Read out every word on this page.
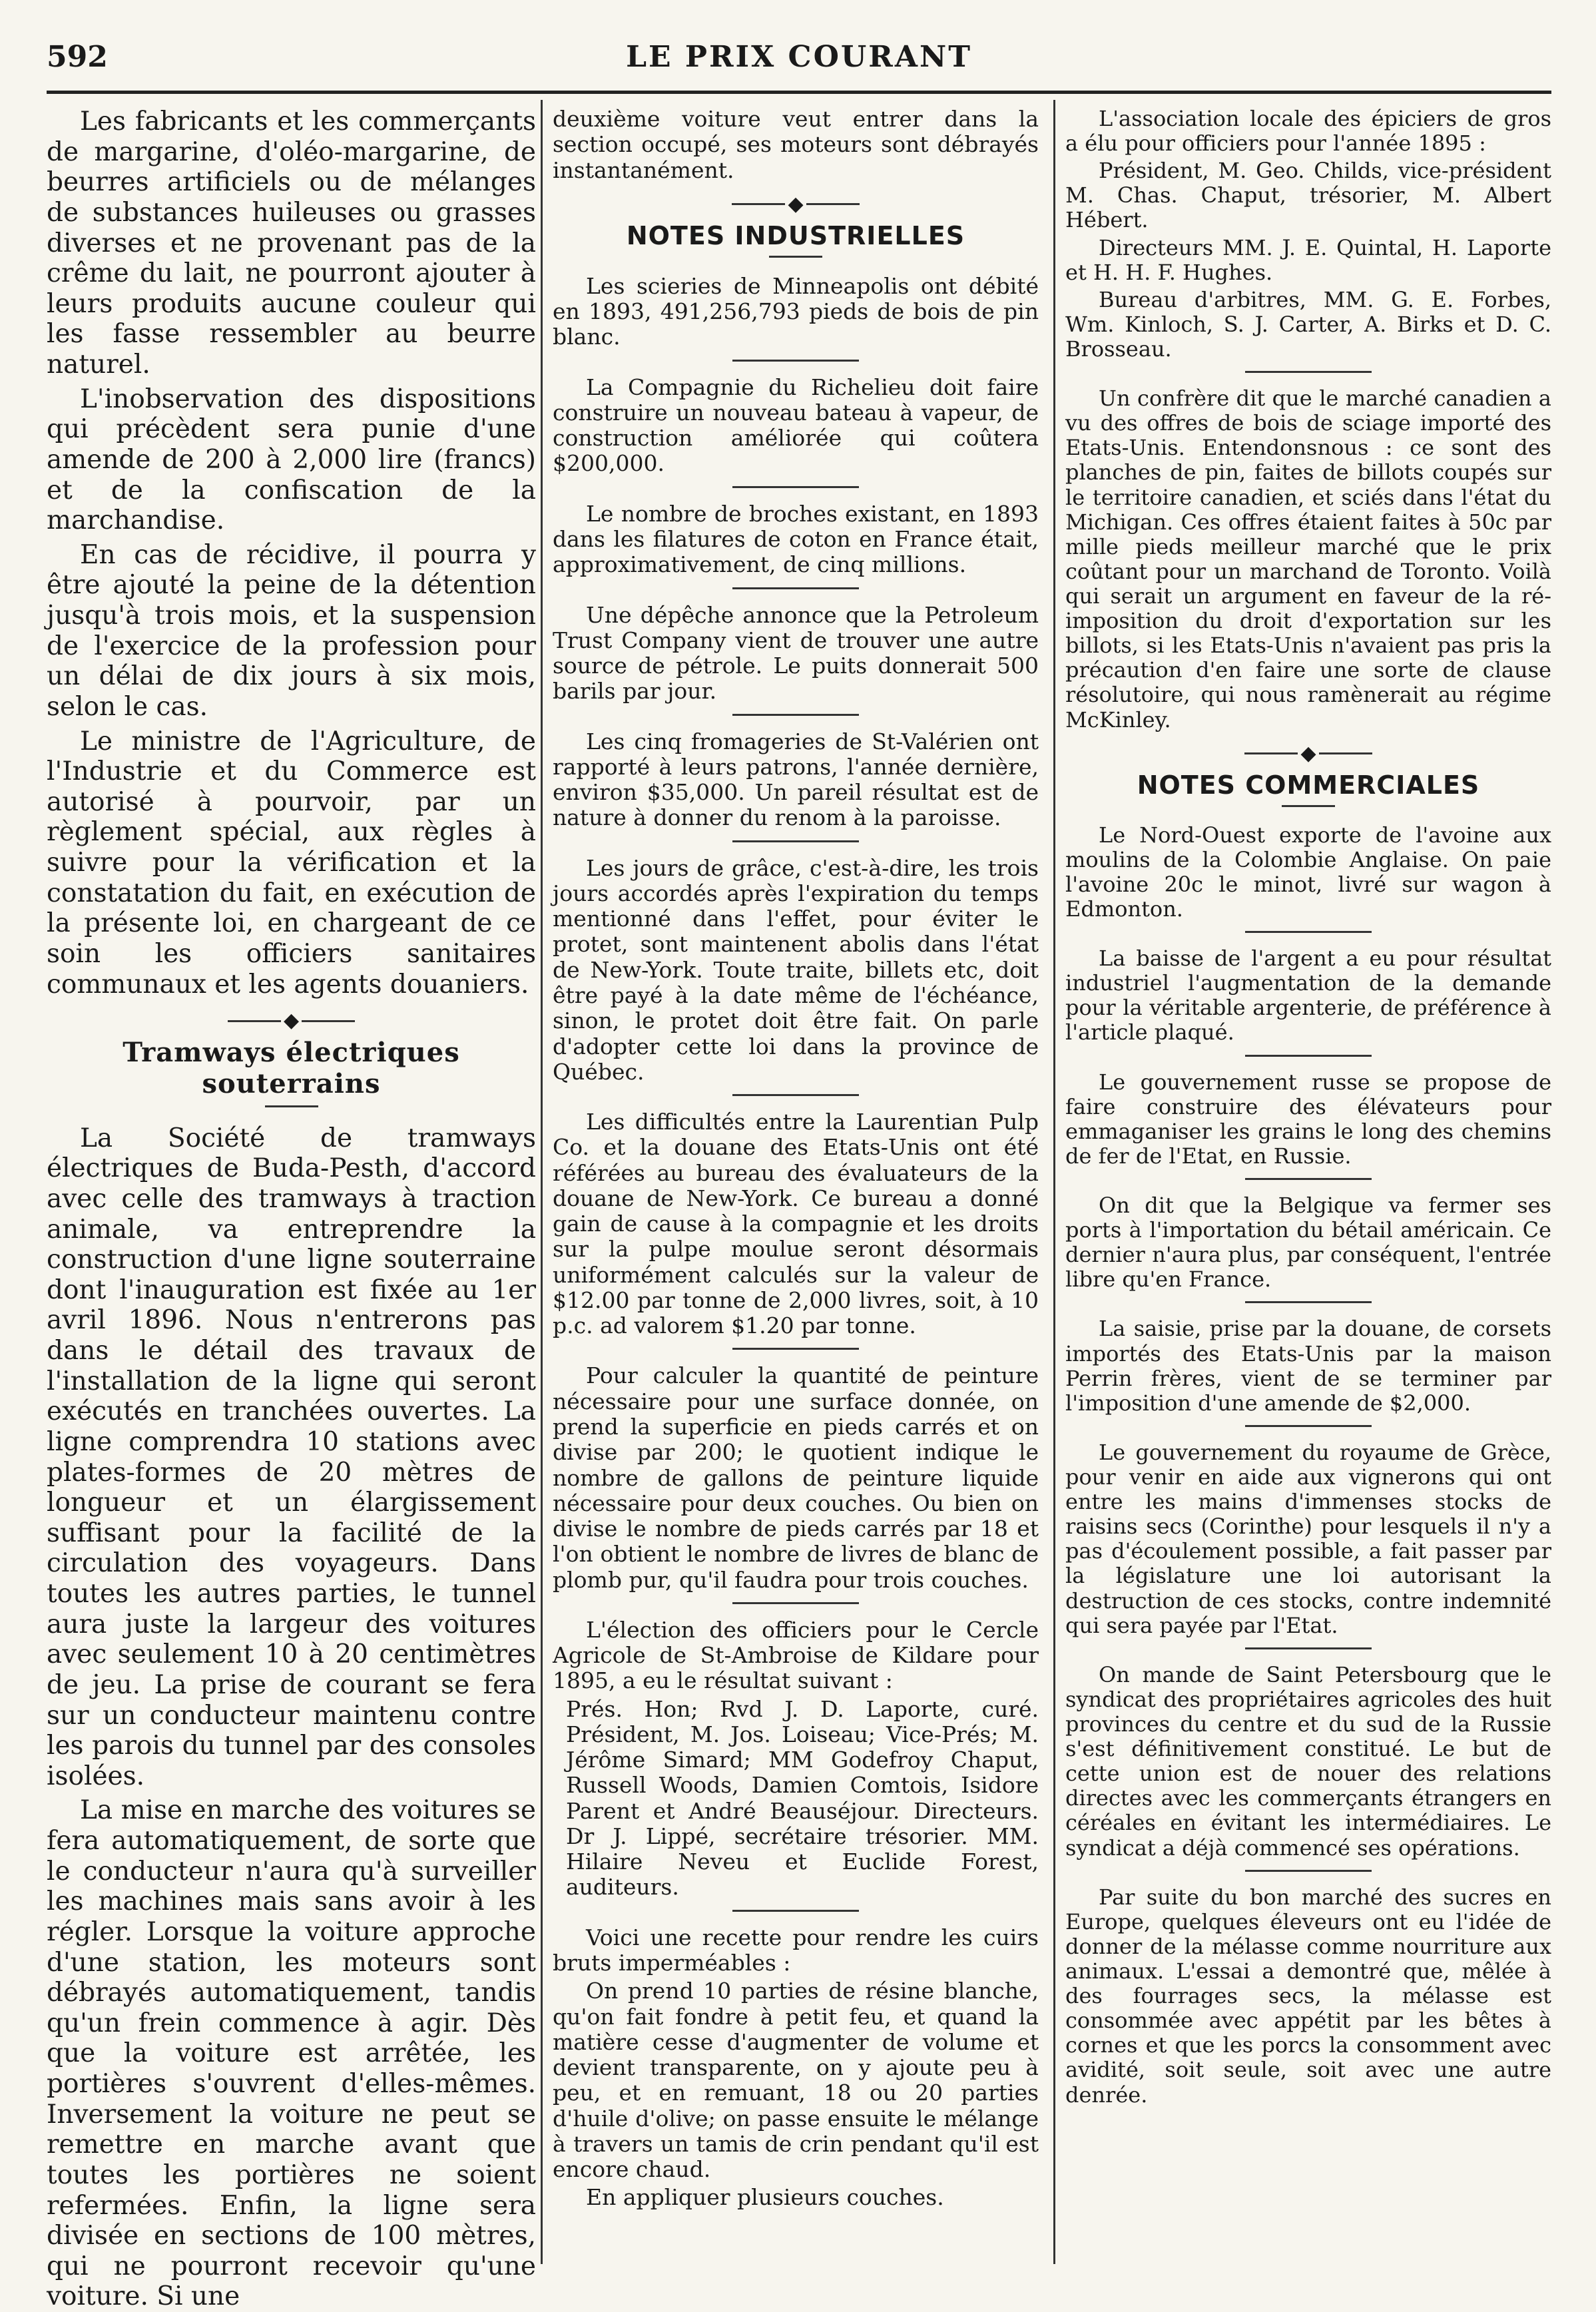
LE PRIX COURANT
592

Les fabricants et les commerçants de margarine, d'oléo-margarine, de beurres artificiels ou de mélanges de substances huileuses ou grasses diverses et ne provenant pas de la crême du lait, ne pourront ajouter à leurs produits aucune couleur qui les fasse ressembler au beurre naturel.

L'inobservation des dispositions qui précèdent sera punie d'une amende de 200 à 2,000 lire (francs) et de la confiscation de la marchandise.

En cas de récidive, il pourra y être ajouté la peine de la détention jusqu'à trois mois, et la suspension de l'exercice de la profession pour un délai de dix jours à six mois, selon le cas.

Le ministre de l'Agriculture, de l'Industrie et du Commerce est autorisé à pourvoir, par un règlement spécial, aux règles à suivre pour la vérification et la constatation du fait, en exécution de la présente loi, en chargeant de ce soin les officiers sanitaires communaux et les agents douaniers.

◆
Tramways électriques souterrains

La Société de tramways électriques de Buda-Pesth, d'accord avec celle des tramways à traction animale, va entreprendre la construction d'une ligne souterraine dont l'inauguration est fixée au 1er avril 1896. Nous n'entrerons pas dans le détail des travaux de l'installation de la ligne qui seront exécutés en tranchées ouvertes. La ligne comprendra 10 stations avec plates-formes de 20 mètres de longueur et un élargissement suffisant pour la facilité de la circulation des voyageurs. Dans toutes les autres parties, le tunnel aura juste la largeur des voitures avec seulement 10 à 20 centimètres de jeu. La prise de courant se fera sur un conducteur maintenu contre les parois du tunnel par des consoles isolées.

La mise en marche des voitures se fera automatiquement, de sorte que le conducteur n'aura qu'à surveiller les machines mais sans avoir à les régler. Lorsque la voiture approche d'une station, les moteurs sont débrayés automatiquement, tandis qu'un frein commence à agir. Dès que la voiture est arrêtée, les portières s'ouvrent d'elles-mêmes. Inversement la voiture ne peut se remettre en marche avant que toutes les portières ne soient refermées. Enfin, la ligne sera divisée en sections de 100 mètres, qui ne pourront recevoir qu'une voiture. Si une

deuxième voiture veut entrer dans la section occupé, ses moteurs sont débrayés instantanément.

◆
NOTES INDUSTRIELLES

Les scieries de Minneapolis ont débité en 1893, 491,256,793 pieds de bois de pin blanc.

La Compagnie du Richelieu doit faire construire un nouveau bateau à vapeur, de construction améliorée qui coûtera $200,000.

Le nombre de broches existant, en 1893 dans les filatures de coton en France était, approximativement, de cinq millions.

Une dépêche annonce que la Petroleum Trust Company vient de trouver une autre source de pétrole. Le puits donnerait 500 barils par jour.

Les cinq fromageries de St-Valérien ont rapporté à leurs patrons, l'année dernière, environ $35,000. Un pareil résultat est de nature à donner du renom à la paroisse.

Les jours de grâce, c'est-à-dire, les trois jours accordés après l'expiration du temps mentionné dans l'effet, pour éviter le protet, sont maintenent abolis dans l'état de New-York. Toute traite, billets etc, doit être payé à la date même de l'échéance, sinon, le protet doit être fait. On parle d'adopter cette loi dans la province de Québec.

Les difficultés entre la Laurentian Pulp Co. et la douane des Etats-Unis ont été référées au bureau des évaluateurs de la douane de New-York. Ce bureau a donné gain de cause à la compagnie et les droits sur la pulpe moulue seront désormais uniformément calculés sur la valeur de $12.00 par tonne de 2,000 livres, soit, à 10 p.c. ad valorem $1.20 par tonne.

Pour calculer la quantité de peinture nécessaire pour une surface donnée, on prend la superficie en pieds carrés et on divise par 200; le quotient indique le nombre de gallons de peinture liquide nécessaire pour deux couches. Ou bien on divise le nombre de pieds carrés par 18 et l'on obtient le nombre de livres de blanc de plomb pur, qu'il faudra pour trois couches.

L'élection des officiers pour le Cercle Agricole de St-Ambroise de Kildare pour 1895, a eu le résultat suivant :

Prés. Hon; Rvd J. D. Laporte, curé. Président, M. Jos. Loiseau; Vice-Prés; M. Jérôme Simard; MM Godefroy Chaput, Russell Woods, Damien Comtois, Isidore Parent et André Beauséjour. Directeurs. Dr J. Lippé, secrétaire trésorier. MM. Hilaire Neveu et Euclide Forest, auditeurs.

Voici une recette pour rendre les cuirs bruts imperméables :

On prend 10 parties de résine blanche, qu'on fait fondre à petit feu, et quand la matière cesse d'augmenter de volume et devient transparente, on y ajoute peu à peu, et en remuant, 18 ou 20 parties d'huile d'olive; on passe ensuite le mélange à travers un tamis de crin pendant qu'il est encore chaud.

En appliquer plusieurs couches.

L'association locale des épiciers de gros a élu pour officiers pour l'année 1895 :

Président, M. Geo. Childs, vice-président M. Chas. Chaput, trésorier, M. Albert Hébert.

Directeurs MM. J. E. Quintal, H. Laporte et H. H. F. Hughes.

Bureau d'arbitres, MM. G. E. Forbes, Wm. Kinloch, S. J. Carter, A. Birks et D. C. Brosseau.

Un confrère dit que le marché canadien a vu des offres de bois de sciage importé des Etats-Unis. Entendonsnous : ce sont des planches de pin, faites de billots coupés sur le territoire canadien, et sciés dans l'état du Michigan. Ces offres étaient faites à 50c par mille pieds meilleur marché que le prix coûtant pour un marchand de Toronto. Voilà qui serait un argument en faveur de la ré-imposition du droit d'exportation sur les billots, si les Etats-Unis n'avaient pas pris la précaution d'en faire une sorte de clause résolutoire, qui nous ramènerait au régime McKinley.

◆
NOTES COMMERCIALES

Le Nord-Ouest exporte de l'avoine aux moulins de la Colombie Anglaise. On paie l'avoine 20c le minot, livré sur wagon à Edmonton.

La baisse de l'argent a eu pour résultat industriel l'augmentation de la demande pour la véritable argenterie, de préférence à l'article plaqué.

Le gouvernement russe se propose de faire construire des élévateurs pour emmaganiser les grains le long des chemins de fer de l'Etat, en Russie.

On dit que la Belgique va fermer ses ports à l'importation du bétail américain. Ce dernier n'aura plus, par conséquent, l'entrée libre qu'en France.

La saisie, prise par la douane, de corsets importés des Etats-Unis par la maison Perrin frères, vient de se terminer par l'imposition d'une amende de $2,000.

Le gouvernement du royaume de Grèce, pour venir en aide aux vignerons qui ont entre les mains d'immenses stocks de raisins secs (Corinthe) pour lesquels il n'y a pas d'écoulement possible, a fait passer par la législature une loi autorisant la destruction de ces stocks, contre indemnité qui sera payée par l'Etat.

On mande de Saint Petersbourg que le syndicat des propriétaires agricoles des huit provinces du centre et du sud de la Russie s'est définitivement constitué. Le but de cette union est de nouer des relations directes avec les commerçants étrangers en céréales en évitant les intermédiaires. Le syndicat a déjà commencé ses opérations.

Par suite du bon marché des sucres en Europe, quelques éleveurs ont eu l'idée de donner de la mélasse comme nourriture aux animaux. L'essai a demontré que, mêlée à des fourrages secs, la mélasse est consommée avec appétit par les bêtes à cornes et que les porcs la consomment avec avidité, soit seule, soit avec une autre denrée.
